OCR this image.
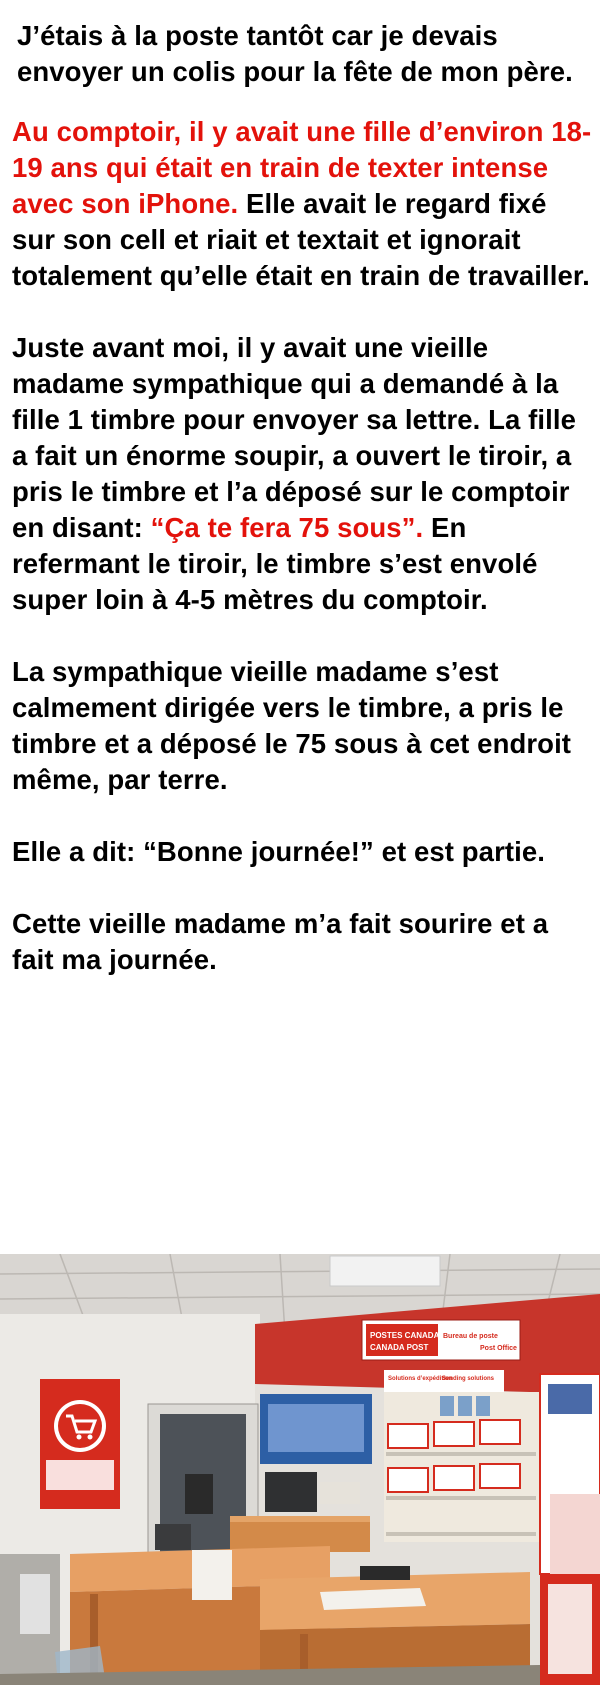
J’étais à la poste tantôt car je devais envoyer un colis pour la fête de mon père.

Au comptoir, il y avait une fille d’environ 18-19 ans qui était en train de texter intense avec son iPhone. Elle avait le regard fixé sur son cell et riait et textait et ignorait totalement qu’elle était en train de travailler.

Juste avant moi, il y avait une vieille madame sympathique qui a demandé à la fille 1 timbre pour envoyer sa lettre. La fille a fait un énorme soupir, a ouvert le tiroir, a pris le timbre et l’a déposé sur le comptoir en disant: “Ça te fera 75 sous”. En refermant le tiroir, le timbre s’est envolé super loin à 4-5 mètres du comptoir.

La sympathique vieille madame s’est calmement dirigée vers le timbre, a pris le timbre et a déposé le 75 sous à cet endroit même, par terre.

Elle a dit: “Bonne journée!” et est partie.

Cette vieille madame m’a fait sourire et a fait ma journée.

POSTES CANADA
CANADA POST
Bureau de poste
Post Office
Solutions d’expédition
Sending solutions
